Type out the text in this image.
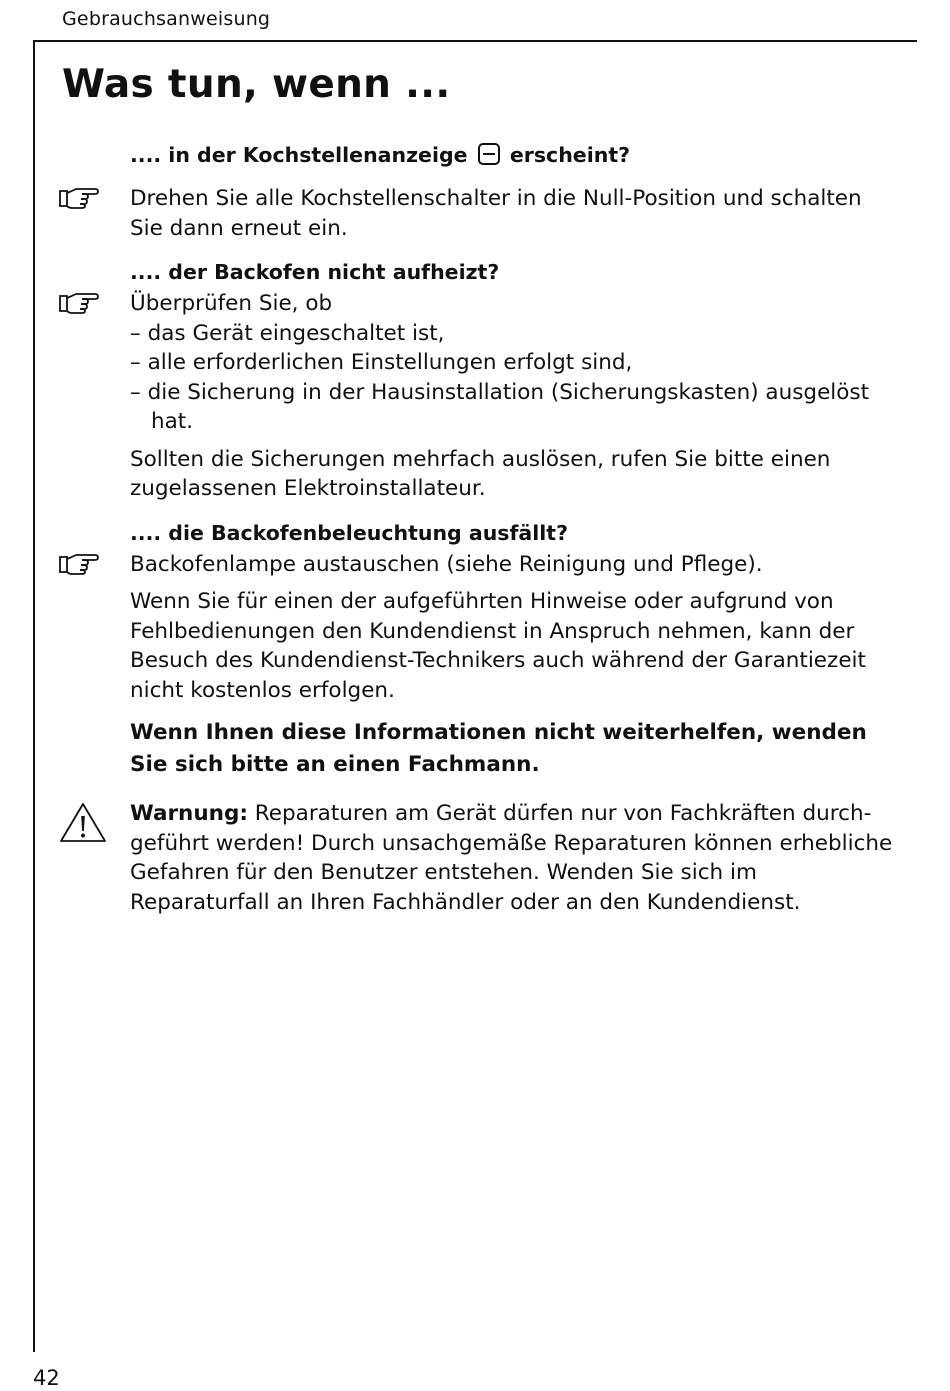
Gebrauchsanweisung
Was tun, wenn ...

.... in der Kochstellenanzeige erscheint?

Drehen Sie alle Kochstellenschalter in die Null-Position und schalten Sie dann erneut ein.

.... der Backofen nicht aufheizt?

Überprüfen Sie, ob

– das Gerät eingeschaltet ist,

– alle erforderlichen Einstellungen erfolgt sind,

– die Sicherung in der Hausinstallation (Sicherungskasten) ausgelöst hat.

Sollten die Sicherungen mehrfach auslösen, rufen Sie bitte einen zugelassenen Elektroinstallateur.

.... die Backofenbeleuchtung ausfällt?

Backofenlampe austauschen (siehe Reinigung und Pflege).

Wenn Sie für einen der aufgeführten Hinweise oder aufgrund von Fehlbedienungen den Kundendienst in Anspruch nehmen, kann der Besuch des Kundendienst-Technikers auch während der Garantiezeit nicht kostenlos erfolgen.

Wenn Ihnen diese Informationen nicht weiterhelfen, wenden Sie sich bitte an einen Fachmann.

Warnung: Reparaturen am Gerät dürfen nur von Fachkräften durch-geführt werden! Durch unsachgemäße Reparaturen können erhebliche Gefahren für den Benutzer entstehen. Wenden Sie sich im Reparaturfall an Ihren Fachhändler oder an den Kundendienst.
42
